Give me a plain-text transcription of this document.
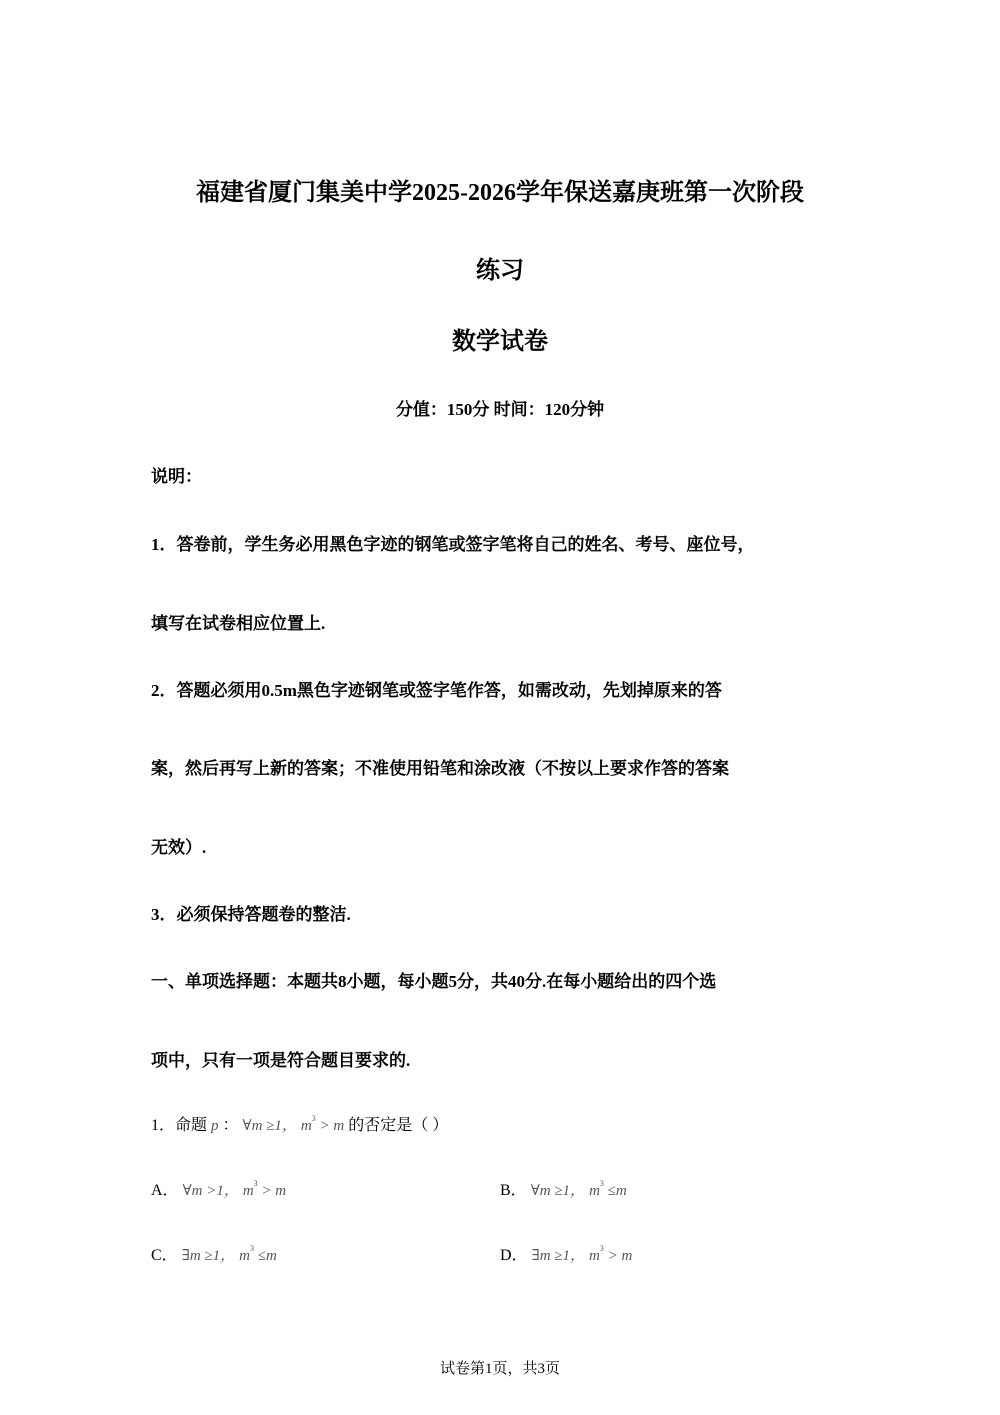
福建省厦门集美中学2025-2026学年保送嘉庚班第一次阶段
练习
数学试卷
分值：150分 时间：120分钟
说明：
1．答卷前，学生务必用黑色字迹的钢笔或签字笔将自己的姓名、考号、座位号，
填写在试卷相应位置上.
2．答题必须用0.5m黑色字迹钢笔或签字笔作答，如需改动，先划掉原来的答
案，然后再写上新的答案；不准使用铅笔和涂改液（不按以上要求作答的答案
无效）.
3．必须保持答题卷的整洁.
一、单项选择题：本题共8小题，每小题5分，共40分.在每小题给出的四个选
项中，只有一项是符合题目要求的.
1．命题 p ： ∀m ≥1， $m^3 > m$ 的否定是（ ）
A． ∀m >1， $m^3 > m$	B． ∀m ≥1， $m^3 \le m$
C． ∃m ≥1， $m^3 \le m$	D． ∃m ≥1， $m^3 > m$
试卷第1页，共3页
